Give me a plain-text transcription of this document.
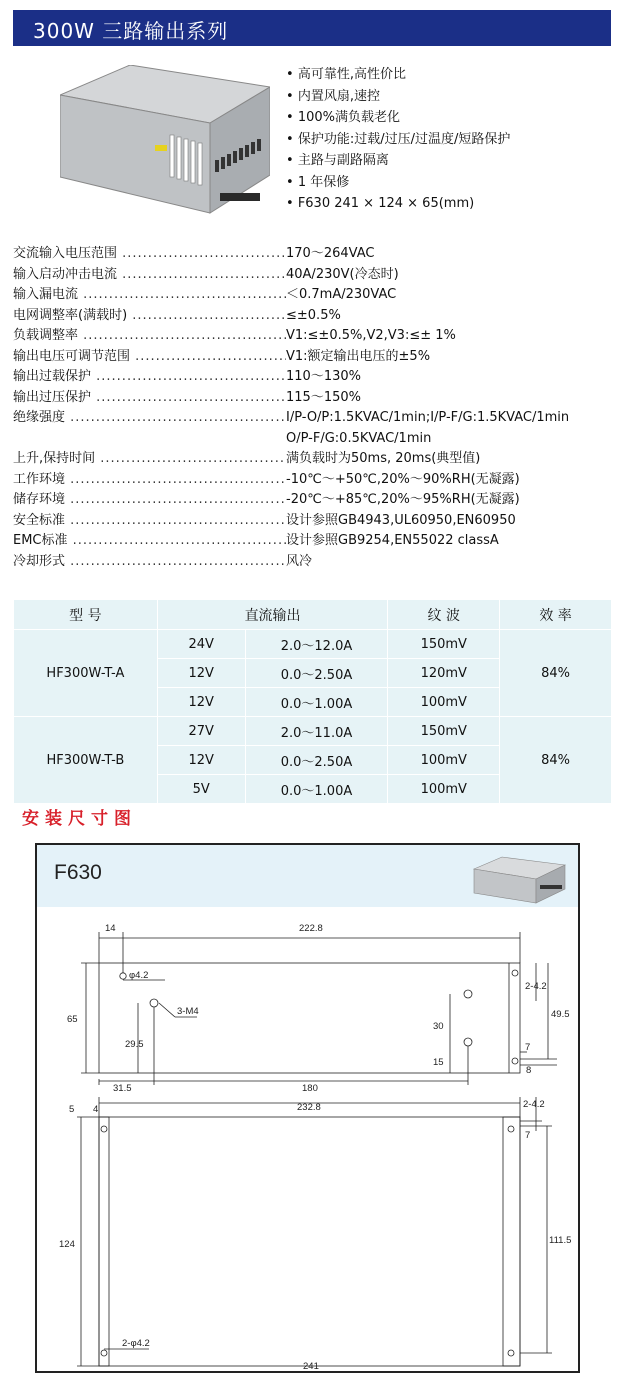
300W 三路输出系列
• 高可靠性,高性价比
• 内置风扇,速控
• 100%满负载老化
• 保护功能:过载/过压/过温度/短路保护
• 主路与副路隔离
• 1 年保修
• F630 241 × 124 × 65(mm)
交流输入电压范围 .....	170～264VAC
输入启动冲击电流 .....	40A/230V(冷态时)
输入漏电流 .....	＜0.7mA/230VAC
电网调整率(满载时) .....	≤±0.5%
负载调整率 .....	V1:≤±0.5%,V2,V3:≤± 1%
输出电压可调节范围 .....	V1:额定输出电压的±5%
输出过载保护 .....	110～130%
输出过压保护 .....	115～150%
绝缘强度 .....	I/P-O/P:1.5KVAC/1min;I/P-F/G:1.5KVAC/1min
O/P-F/G:0.5KVAC/1min
上升,保持时间 .....	满负载时为50ms, 20ms(典型值)
工作环境 .....	-10℃～+50℃,20%～90%RH(无凝露)
储存环境 .....	-20℃～+85℃,20%～95%RH(无凝露)
安全标准 .....	设计参照GB4943,UL60950,EN60950
EMC标准 .....	设计参照GB9254,EN55022 classA
冷却形式 .....	风冷
型 号	直流输出		纹 波	效 率
HF300W-T-A	24V	2.0～12.0A	150mV	84%
	12V	0.0～2.50A	120mV	
	12V	0.0～1.00A	100mV	
HF300W-T-B	27V	2.0～11.0A	150mV	84%
	12V	0.0～2.50A	100mV	
	5V	0.0～1.00A	100mV	
安装尺寸图
F630
14	222.8
φ4.2
65
2-4.2
49.5
30
3-M4
29.5
15
7
8
31.5	180
5 4	232.8	2-4.2
7
124	111.5
2-φ4.2
241
